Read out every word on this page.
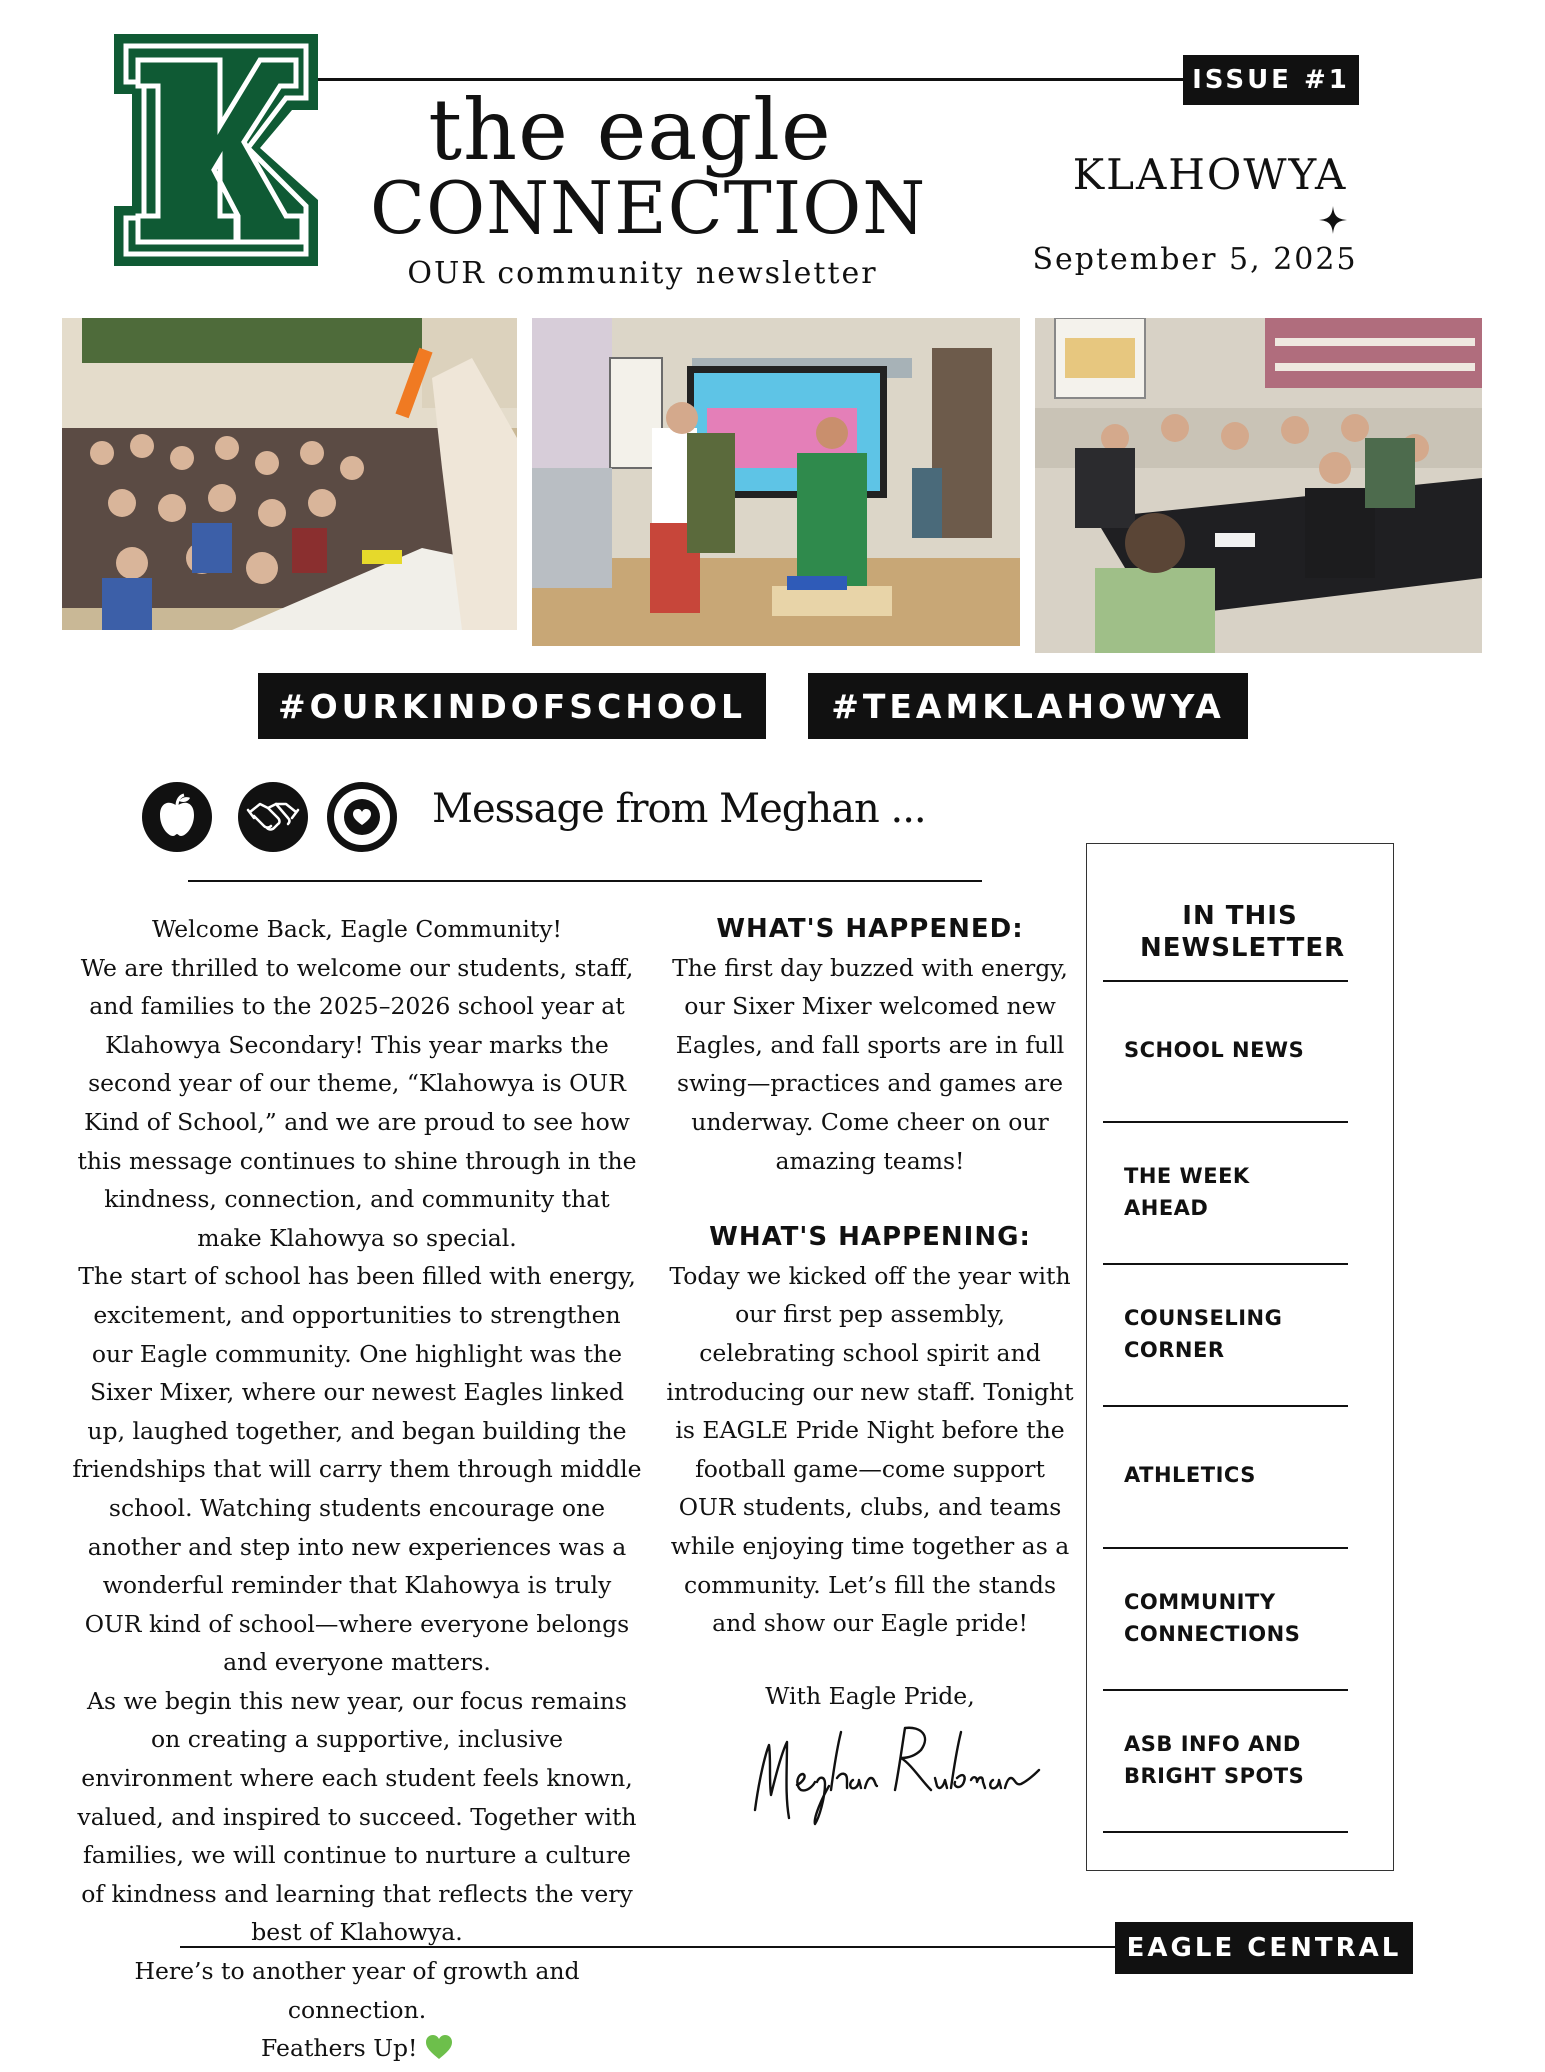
ISSUE #1
the eagle
CONNECTION
OUR community newsletter
KLAHOWYA
September 5, 2025
#OURKINDOFSCHOOL	#TEAMKLAHOWYA
Message from Meghan ...

Welcome Back, Eagle Community!

We are thrilled to welcome our students, staff, and families to the 2025–2026 school year at Klahowya Secondary! This year marks the second year of our theme, “Klahowya is OUR Kind of School,” and we are proud to see how this message continues to shine through in the kindness, connection, and community that make Klahowya so special.

The start of school has been filled with energy, excitement, and opportunities to strengthen our Eagle community. One highlight was the Sixer Mixer, where our newest Eagles linked up, laughed together, and began building the friendships that will carry them through middle school. Watching students encourage one another and step into new experiences was a wonderful reminder that Klahowya is truly OUR kind of school—where everyone belongs and everyone matters.

As we begin this new year, our focus remains on creating a supportive, inclusive environment where each student feels known, valued, and inspired to succeed. Together with families, we will continue to nurture a culture of kindness and learning that reflects the very best of Klahowya.

Here’s to another year of growth and connection.

Feathers Up!

WHAT'S HAPPENED:

The first day buzzed with energy, our Sixer Mixer welcomed new Eagles, and fall sports are in full swing—practices and games are underway. Come cheer on our amazing teams!

WHAT'S HAPPENING:

Today we kicked off the year with our first pep assembly, celebrating school spirit and introducing our new staff. Tonight is EAGLE Pride Night before the football game—come support OUR students, clubs, and teams while enjoying time together as a community. Let’s fill the stands and show our Eagle pride!

With Eagle Pride,
IN THIS NEWSLETTER
SCHOOL NEWS
THE WEEK AHEAD
COUNSELING CORNER
ATHLETICS
COMMUNITY CONNECTIONS
ASB INFO AND BRIGHT SPOTS
EAGLE CENTRAL
